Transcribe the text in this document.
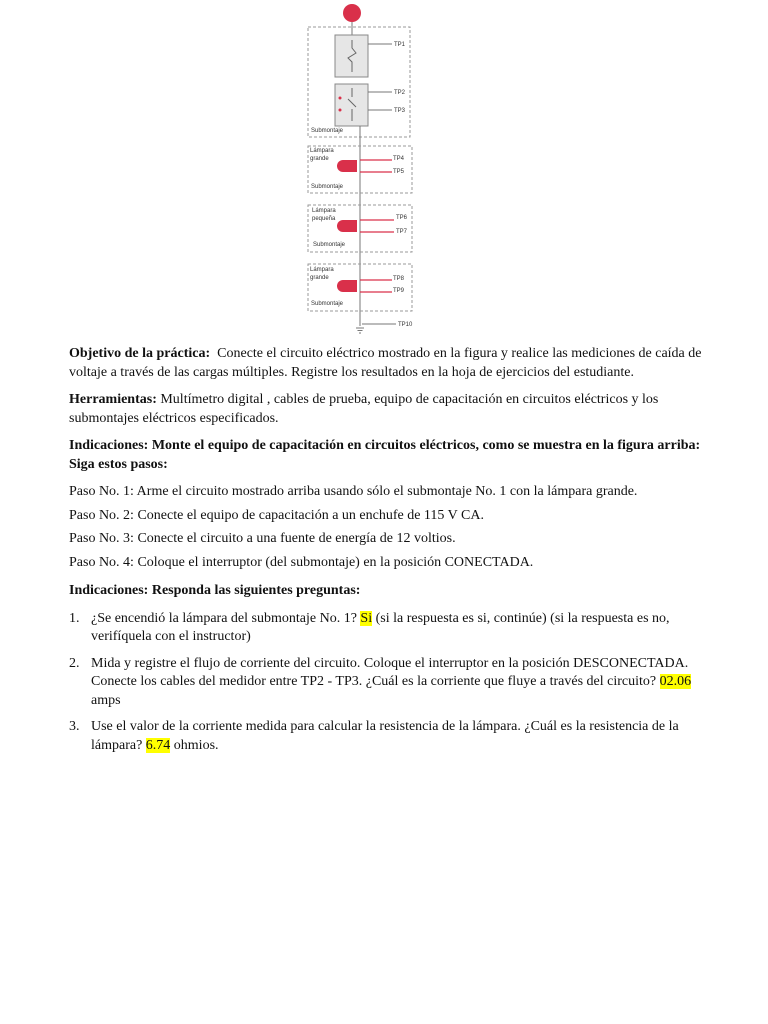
TP1
TP2
TP3
Submontaje
Lámpara
grande	TP4
TP5
Submontaje
Lámpara
pequeña	TP6
TP7
Submontaje
Lámpara
grande	TP8
TP9
Submontaje
TP10

Objetivo de la práctica: Conecte el circuito eléctrico mostrado en la figura y realice las mediciones de caída de voltaje a través de las cargas múltiples. Registre los resultados en la hoja de ejercicios del estudiante.

Herramientas: Multímetro digital , cables de prueba, equipo de capacitación en circuitos eléctricos y los submontajes eléctricos especificados.

Indicaciones: Monte el equipo de capacitación en circuitos eléctricos, como se muestra en la figura arriba: Siga estos pasos:

Paso No. 1: Arme el circuito mostrado arriba usando sólo el submontaje No. 1 con la lámpara grande.

Paso No. 2: Conecte el equipo de capacitación a un enchufe de 115 V CA.

Paso No. 3: Conecte el circuito a una fuente de energía de 12 voltios.

Paso No. 4: Coloque el interruptor (del submontaje) en la posición CONECTADA.

Indicaciones: Responda las siguientes preguntas:

1. ¿Se encendió la lámpara del submontaje No. 1? Si (si la respuesta es si, continúe) (si la respuesta es no, verifíquela con el instructor)
2. Mida y registre el flujo de corriente del circuito. Coloque el interruptor en la posición DESCONECTADA. Conecte los cables del medidor entre TP2 - TP3. ¿Cuál es la corriente que fluye a través del circuito? 02.06 amps
3. Use el valor de la corriente medida para calcular la resistencia de la lámpara. ¿Cuál es la resistencia de la lámpara? 6.74 ohmios.
